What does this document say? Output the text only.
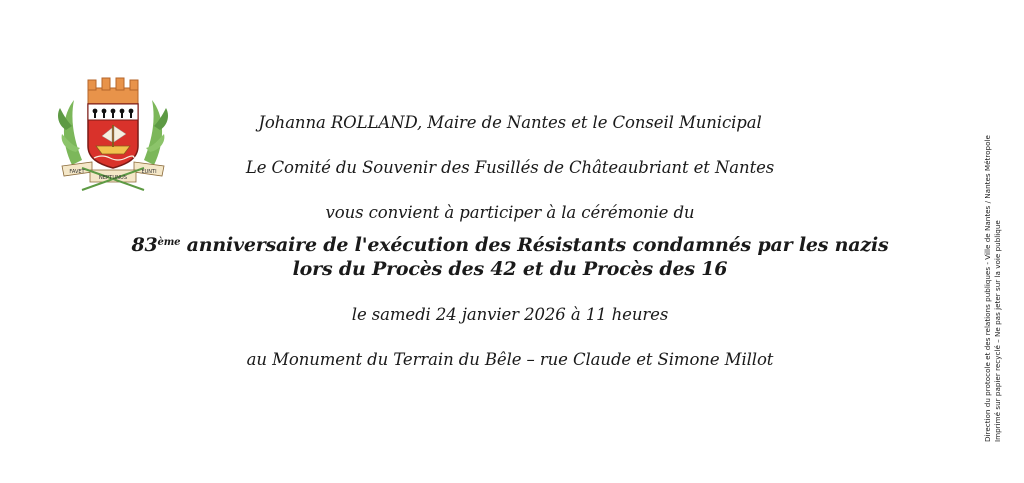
FAVET
NEPTUNUS
EUNTI

Johanna ROLLAND, Maire de Nantes et le Conseil Municipal

Le Comité du Souvenir des Fusillés de Châteaubriant et Nantes

vous convient à participer à la cérémonie du

83ème anniversaire de l'exécution des Résistants condamnés par les nazis
lors du Procès des 42 et du Procès des 16

le samedi 24 janvier 2026 à 11 heures

au Monument du Terrain du Bêle – rue Claude et Simone Millot	Direction du protocole et des relations publiques - Ville de Nantes / Nantes Métropole Imprimé sur papier recyclé – Ne pas jeter sur la voie publique
